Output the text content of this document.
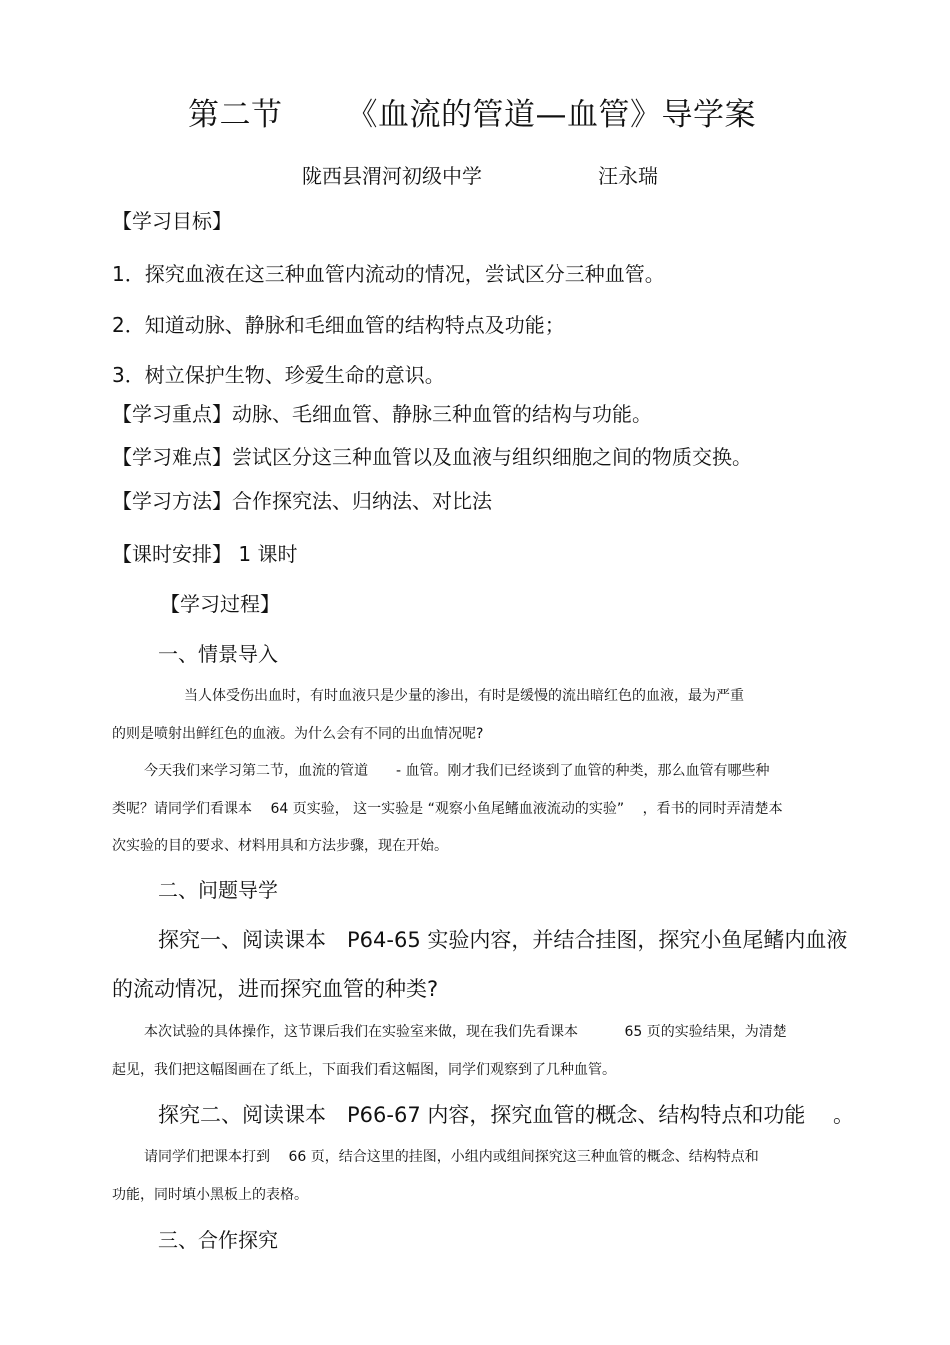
第二节 《血流的管道—血管》导学案
陇西县渭河初级中学	汪永瑞
【学习目标】
1．探究血液在这三种血管内流动的情况，尝试区分三种血管。
2．知道动脉、静脉和毛细血管的结构特点及功能；
3．树立保护生物、珍爱生命的意识。
【学习重点】动脉、毛细血管、静脉三种血管的结构与功能。
【学习难点】尝试区分这三种血管以及血液与组织细胞之间的物质交换。
【学习方法】合作探究法、归纳法、对比法
【课时安排】 1 课时
【学习过程】
一、情景导入
当人体受伤出血时，有时血液只是少量的渗出，有时是缓慢的流出暗红色的血液，最为严重
的则是喷射出鲜红色的血液。为什么会有不同的出血情况呢?
今天我们来学习第二节，血流的管道　　- 血管。刚才我们已经谈到了血管的种类，那么血管有哪些种
类呢？请同学们看课本　 64 页实验， 这一实验是 “观察小鱼尾鳍血液流动的实验”　 ，看书的同时弄清楚本
次实验的目的要求、材料用具和方法步骤，现在开始。
二、问题导学
探究一、阅读课本　P64-65 实验内容，并结合挂图，探究小鱼尾鳍内血液
的流动情况，进而探究血管的种类?
本次试验的具体操作，这节课后我们在实验室来做，现在我们先看课本　　　 65 页的实验结果，为清楚
起见，我们把这幅图画在了纸上，下面我们看这幅图，同学们观察到了几种血管。
探究二、阅读课本　P66-67 内容，探究血管的概念、结构特点和功能　 。
请同学们把课本打到　 66 页，结合这里的挂图，小组内或组间探究这三种血管的概念、结构特点和
功能，同时填小黑板上的表格。
三、合作探究
